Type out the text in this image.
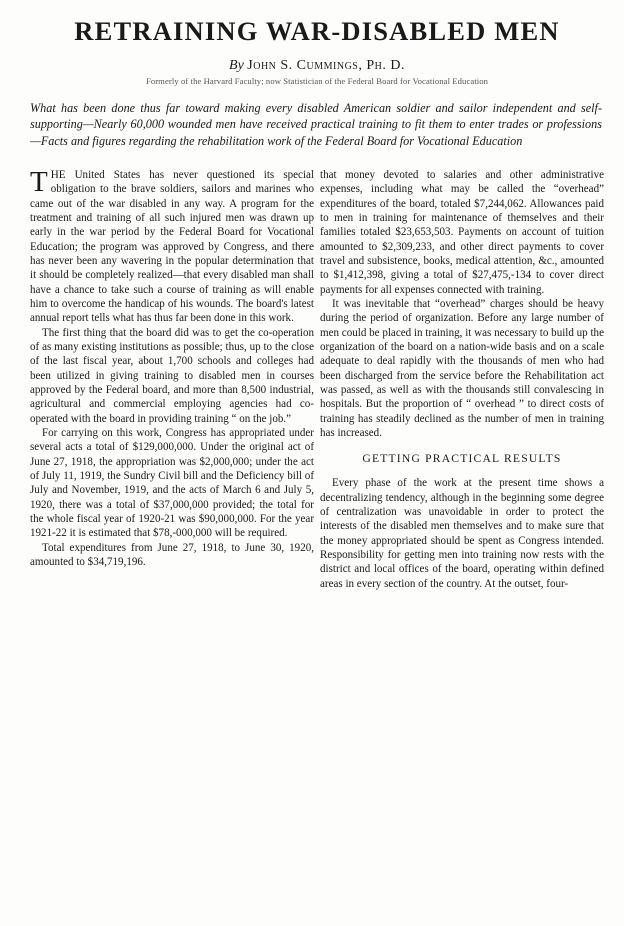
RETRAINING WAR-DISABLED MEN
By John S. Cummings, Ph. D.
Formerly of the Harvard Faculty; now Statistician of the Federal Board for Vocational Education
What has been done thus far toward making every disabled American soldier and sailor independent and self-supporting—Nearly 60,000 wounded men have received practical training to fit them to enter trades or professions—Facts and figures regarding the rehabilitation work of the Federal Board for Vocational Education

THE United States has never questioned its special obligation to the brave soldiers, sailors and marines who came out of the war disabled in any way. A program for the treatment and training of all such injured men was drawn up early in the war period by the Federal Board for Vocational Education; the program was approved by Congress, and there has never been any wavering in the popular determination that it should be completely realized—that every disabled man shall have a chance to take such a course of training as will enable him to overcome the handicap of his wounds. The board's latest annual report tells what has thus far been done in this work.

The first thing that the board did was to get the co-operation of as many existing institutions as possible; thus, up to the close of the last fiscal year, about 1,700 schools and colleges had been utilized in giving training to disabled men in courses approved by the Federal board, and more than 8,500 industrial, agricultural and commercial employing agencies had co-operated with the board in providing training “ on the job.”

For carrying on this work, Congress has appropriated under several acts a total of $129,000,000. Under the original act of June 27, 1918, the appropriation was $2,000,000; under the act of July 11, 1919, the Sundry Civil bill and the Deficiency bill of July and November, 1919, and the acts of March 6 and July 5, 1920, there was a total of $37,000,000 provided; the total for the whole fiscal year of 1920-21 was $90,000,000. For the year 1921-22 it is estimated that $78,-000,000 will be required.

Total expenditures from June 27, 1918, to June 30, 1920, amounted to $34,719,196.

that money devoted to salaries and other administrative expenses, including what may be called the “overhead” expenditures of the board, totaled $7,244,062. Allowances paid to men in training for maintenance of themselves and their families totaled $23,653,503. Payments on account of tuition amounted to $2,309,233, and other direct payments to cover travel and subsistence, books, medical attention, &c., amounted to $1,412,398, giving a total of $27,475,-134 to cover direct payments for all expenses connected with training.

It was inevitable that “overhead” charges should be heavy during the period of organization. Before any large number of men could be placed in training, it was necessary to build up the organization of the board on a nation-wide basis and on a scale adequate to deal rapidly with the thousands of men who had been discharged from the service before the Rehabilitation act was passed, as well as with the thousands still convalescing in hospitals. But the proportion of “ overhead ” to direct costs of training has steadily declined as the number of men in training has increased.

GETTING PRACTICAL RESULTS

Every phase of the work at the present time shows a decentralizing tendency, although in the beginning some degree of centralization was unavoidable in order to protect the interests of the disabled men themselves and to make sure that the money appropriated should be spent as Congress intended. Responsibility for getting men into training now rests with the district and local offices of the board, operating within defined areas in every section of the country. At the outset, four-
